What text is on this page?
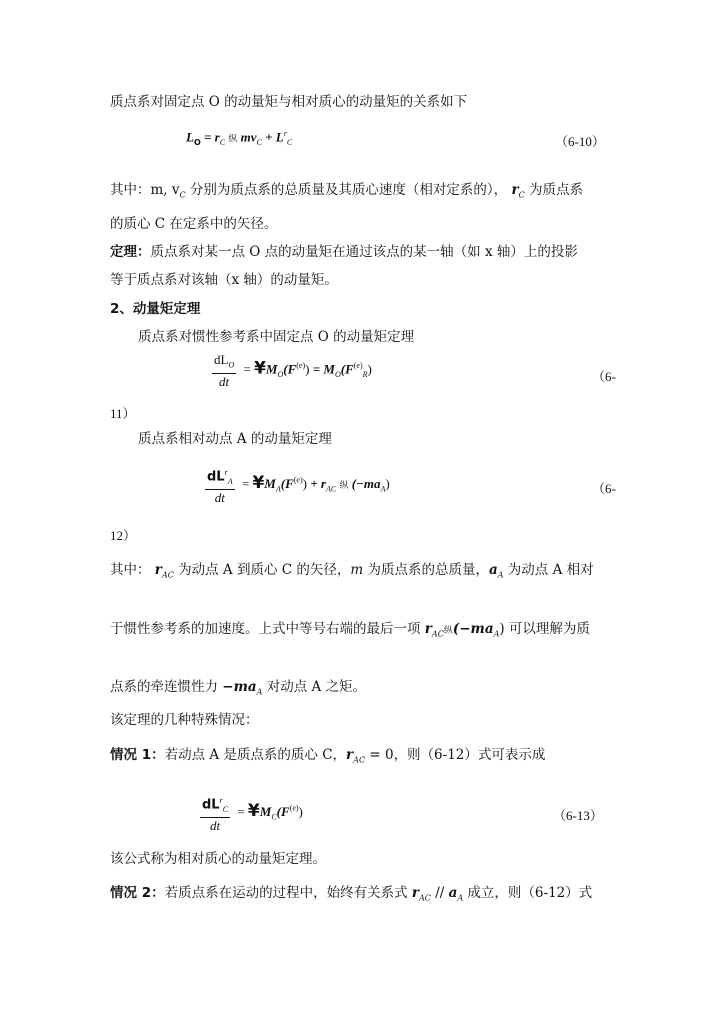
质点系对固定点 O 的动量矩与相对质心的动量矩的关系如下
$L_O = r_C$ 纵 $mv_C + L^r_C$	（6-10）
其中：m, $v_C$ 分别为质点系的总质量及其质心速度（相对定系的）， $r_C$ 为质点系
的质心 C 在定系中的矢径。
定理：质点系对某一点 O 点的动量矩在通过该点的某一轴（如 x 轴）上的投影
等于质点系对该轴（x 轴）的动量矩。
2、动量矩定理
质点系对惯性参考系中固定点 O 的动量矩定理
$\frac{dL_O}{dt}$ = $¥M_O(F^{(e)}) = M_O(F^{(e)}_R)$
（6-
11）
质点系相对动点 A 的动量矩定理
$\frac{dL^r_A}{dt}$ = $¥M_A(F^{(e)}) + r_{AC}$ 纵 $(-ma_A)$	（6-
12）
其中： $r_{AC}$ 为动点 A 到质心 C 的矢径，m 为质点系的总质量，$a_A$ 为动点 A 相对
于惯性参考系的加速度。上式中等号右端的最后一项 $r_{AC}$纵$(-ma_A)$ 可以理解为质
点系的牵连惯性力 $-ma_A$ 对动点 A 之矩。
该定理的几种特殊情况：
情况 1：若动点 A 是质点系的质心 C，$r_{AC} = 0$，则（6-12）式可表示成
$\frac{dL^r_C}{dt}$ = $¥M_C(F^{(e)})$	（6-13）
该公式称为相对质心的动量矩定理。
情况 2：若质点系在运动的过程中，始终有关系式 $r_{AC} // a_A$ 成立，则（6-12）式
